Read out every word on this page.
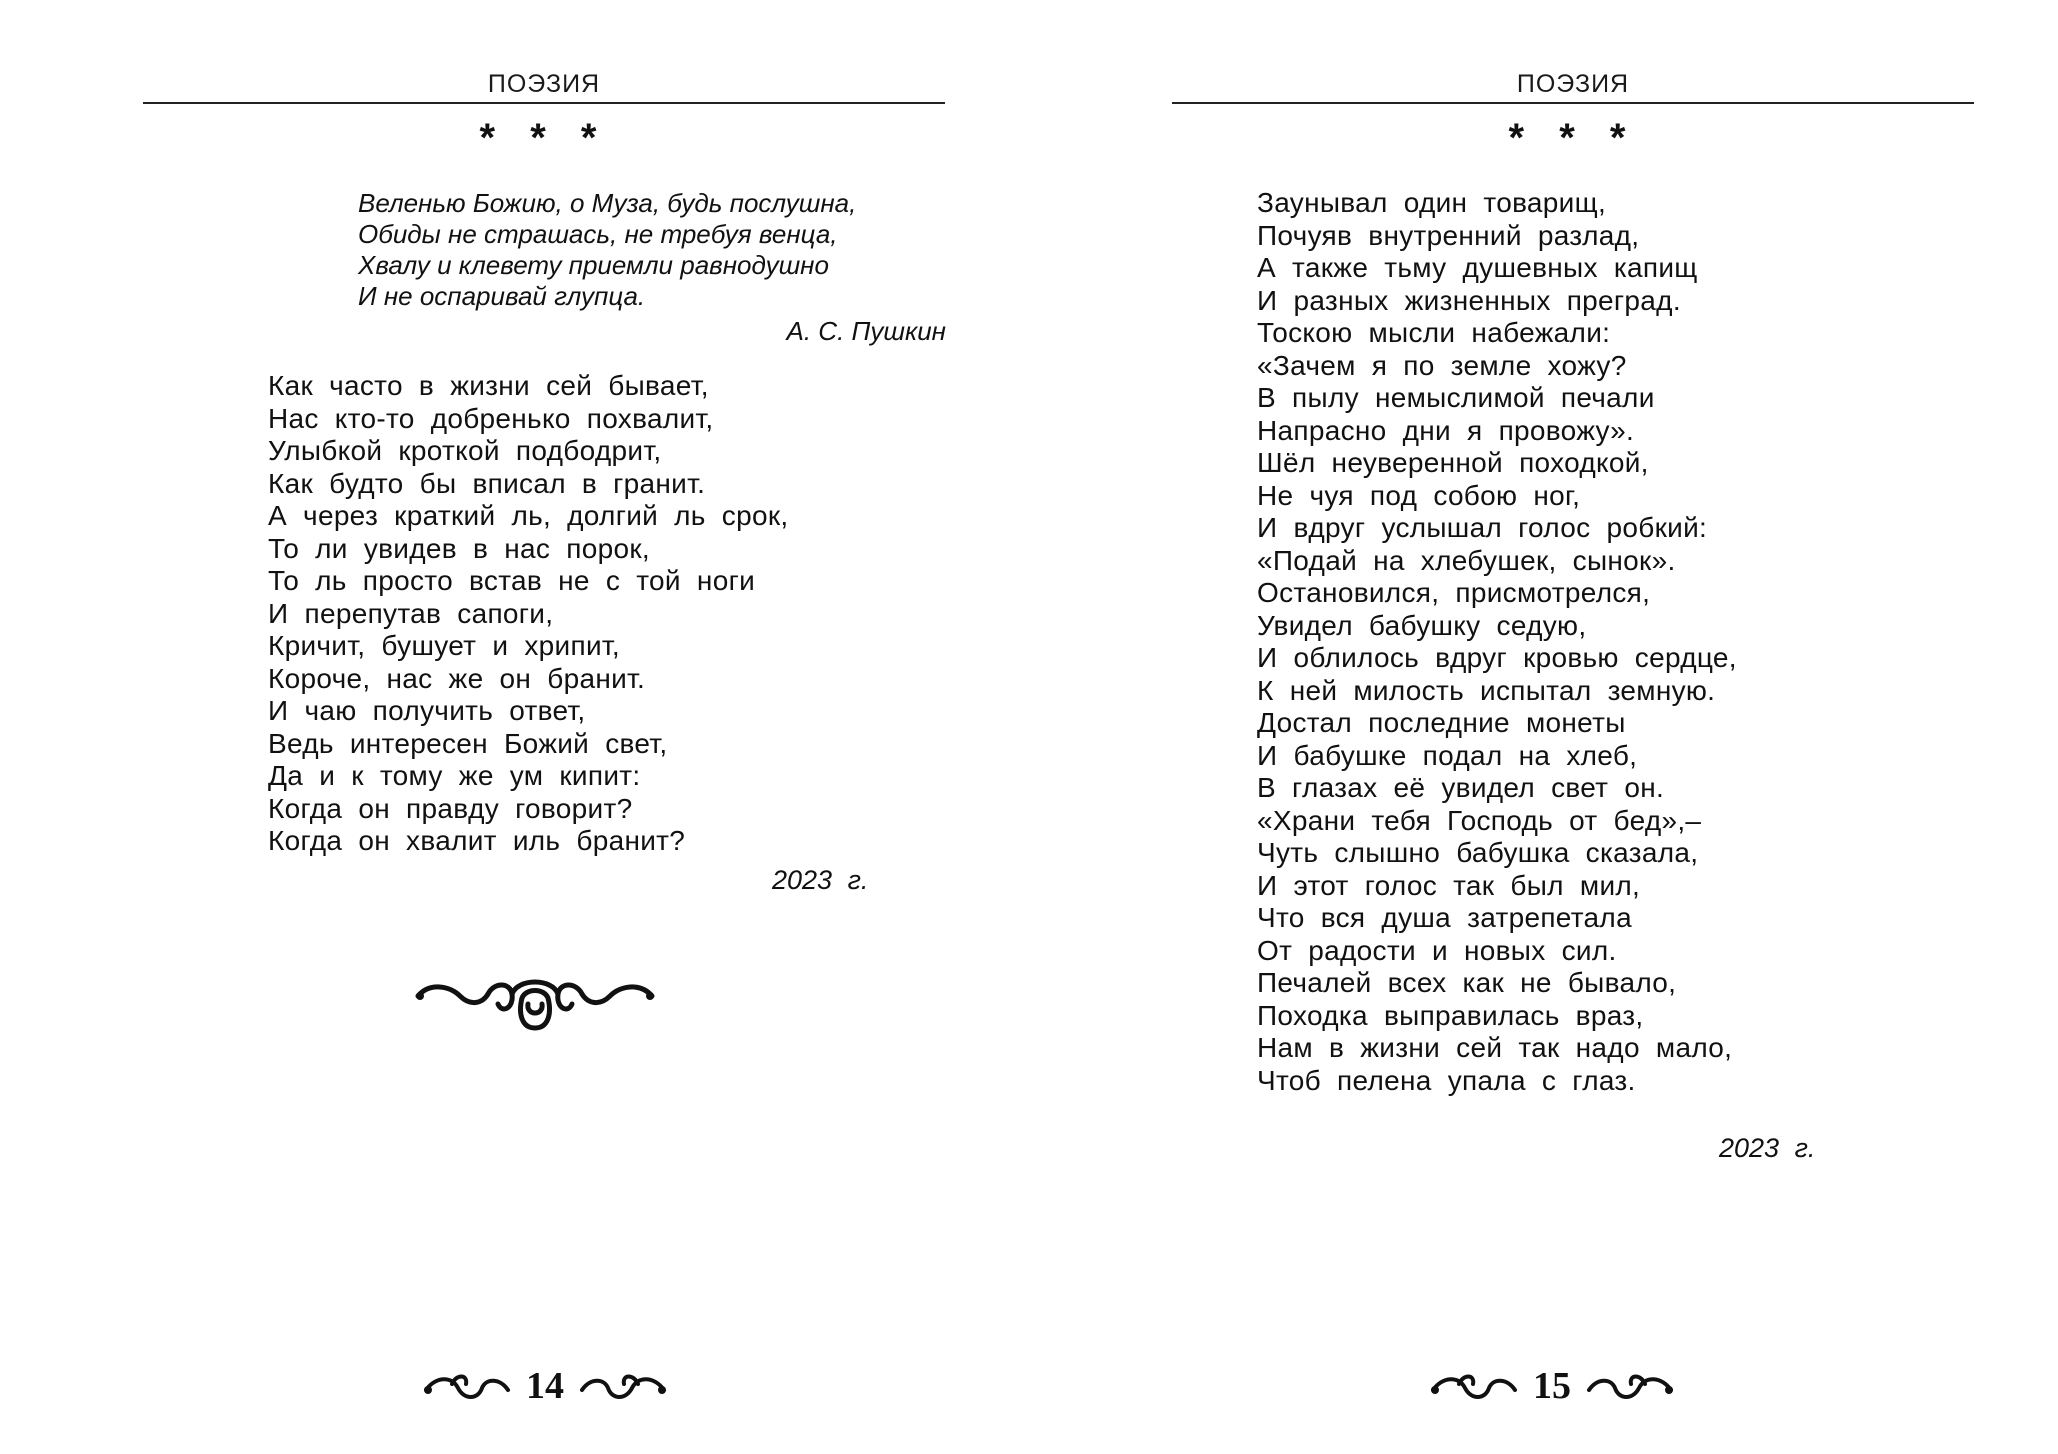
ПОЭЗИЯ
* * *
Веленью Божию, о Муза, будь послушна,
Обиды не страшась, не требуя венца,
Хвалу и клевету приемли равнодушно
И не оспаривай глупца.
А. С. Пушкин
Как часто в жизни сей бывает,
Нас кто-то добренько похвалит,
Улыбкой кроткой подбодрит,
Как будто бы вписал в гранит.
А через краткий ль, долгий ль срок,
То ли увидев в нас порок,
То ль просто встав не с той ноги
И перепутав сапоги,
Кричит, бушует и хрипит,
Короче, нас же он бранит.
И чаю получить ответ,
Ведь интересен Божий свет,
Да и к тому же ум кипит:
Когда он правду говорит?
Когда он хвалит иль бранит?
2023 г.
14
ПОЭЗИЯ
* * *
Заунывал один товарищ,
Почуяв внутренний разлад,
А также тьму душевных капищ
И разных жизненных преград.
Тоскою мысли набежали:
«Зачем я по земле хожу?
В пылу немыслимой печали
Напрасно дни я провожу».
Шёл неуверенной походкой,
Не чуя под собою ног,
И вдруг услышал голос робкий:
«Подай на хлебушек, сынок».
Остановился, присмотрелся,
Увидел бабушку седую,
И облилось вдруг кровью сердце,
К ней милость испытал земную.
Достал последние монеты
И бабушке подал на хлеб,
В глазах её увидел свет он.
«Храни тебя Господь от бед»,–
Чуть слышно бабушка сказала,
И этот голос так был мил,
Что вся душа затрепетала
От радости и новых сил.
Печалей всех как не бывало,
Походка выправилась враз,
Нам в жизни сей так надо мало,
Чтоб пелена упала с глаз.
2023 г.
15
